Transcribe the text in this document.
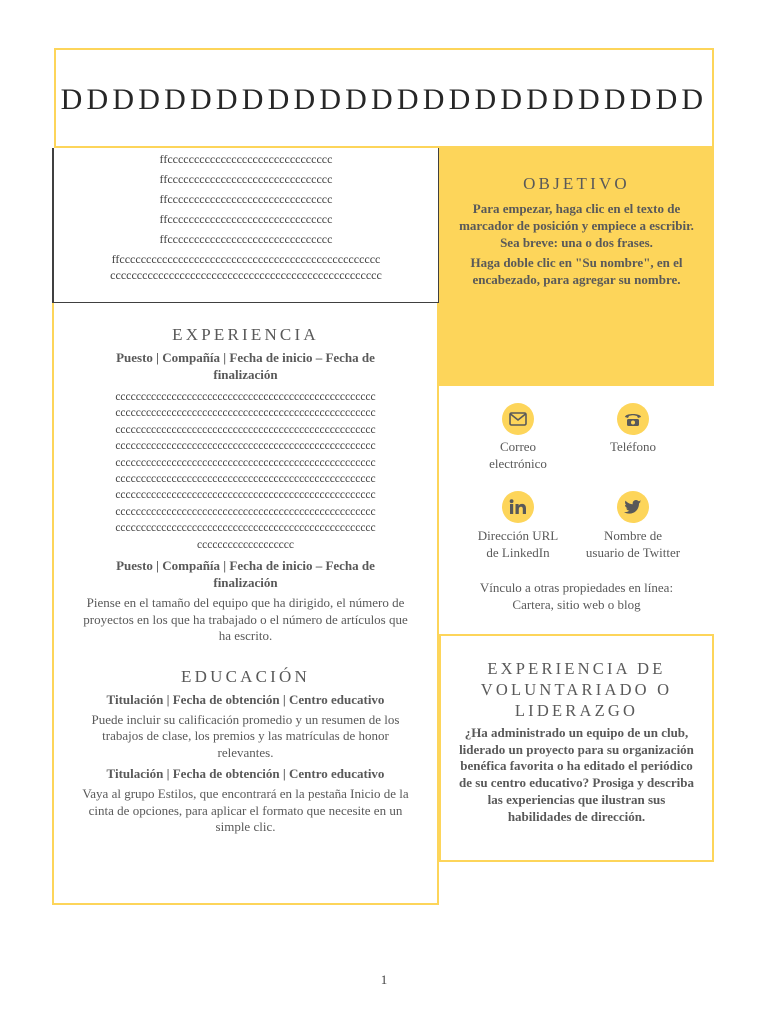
DDDDDDDDDDDDDDDDDDDDDDDDD
ffccccccccccccccccccccccccccccccc
ffccccccccccccccccccccccccccccccc
ffccccccccccccccccccccccccccccccc
ffccccccccccccccccccccccccccccccc
ffccccccccccccccccccccccccccccccc
ffccccccccccccccccccccccccccccccccccccccccccccccccc
ccccccccccccccccccccccccccccccccccccccccccccccccccc
EXPERIENCIA
Puesto | Compañía | Fecha de inicio – Fecha de finalización
ccccccccccccccccccccccccccccccccccccccccccccccccccc
ccccccccccccccccccccccccccccccccccccccccccccccccccc
ccccccccccccccccccccccccccccccccccccccccccccccccccc
ccccccccccccccccccccccccccccccccccccccccccccccccccc
ccccccccccccccccccccccccccccccccccccccccccccccccccc
ccccccccccccccccccccccccccccccccccccccccccccccccccc
ccccccccccccccccccccccccccccccccccccccccccccccccccc
ccccccccccccccccccccccccccccccccccccccccccccccccccc
ccccccccccccccccccccccccccccccccccccccccccccccccccc
ccccccccccccccccccc
Puesto | Compañía | Fecha de inicio – Fecha de finalización
Piense en el tamaño del equipo que ha dirigido, el número de proyectos en los que ha trabajado o el número de artículos que ha escrito.
EDUCACIÓN
Titulación | Fecha de obtención | Centro educativo
Puede incluir su calificación promedio y un resumen de los trabajos de clase, los premios y las matrículas de honor relevantes.
Titulación | Fecha de obtención | Centro educativo
Vaya al grupo Estilos, que encontrará en la pestaña Inicio de la cinta de opciones, para aplicar el formato que necesite en un simple clic.
OBJETIVO
Para empezar, haga clic en el texto de marcador de posición y empiece a escribir. Sea breve: una o dos frases.
Haga doble clic en "Su nombre", en el encabezado, para agregar su nombre.
Correo
electrónico
Teléfono
Dirección URL
de LinkedIn
Nombre de
usuario de Twitter
Vínculo a otras propiedades en línea:
Cartera, sitio web o blog
EXPERIENCIA DE VOLUNTARIADO O LIDERAZGO
¿Ha administrado un equipo de un club, liderado un proyecto para su organización benéfica favorita o ha editado el periódico de su centro educativo? Prosiga y describa las experiencias que ilustran sus habilidades de dirección.
1
